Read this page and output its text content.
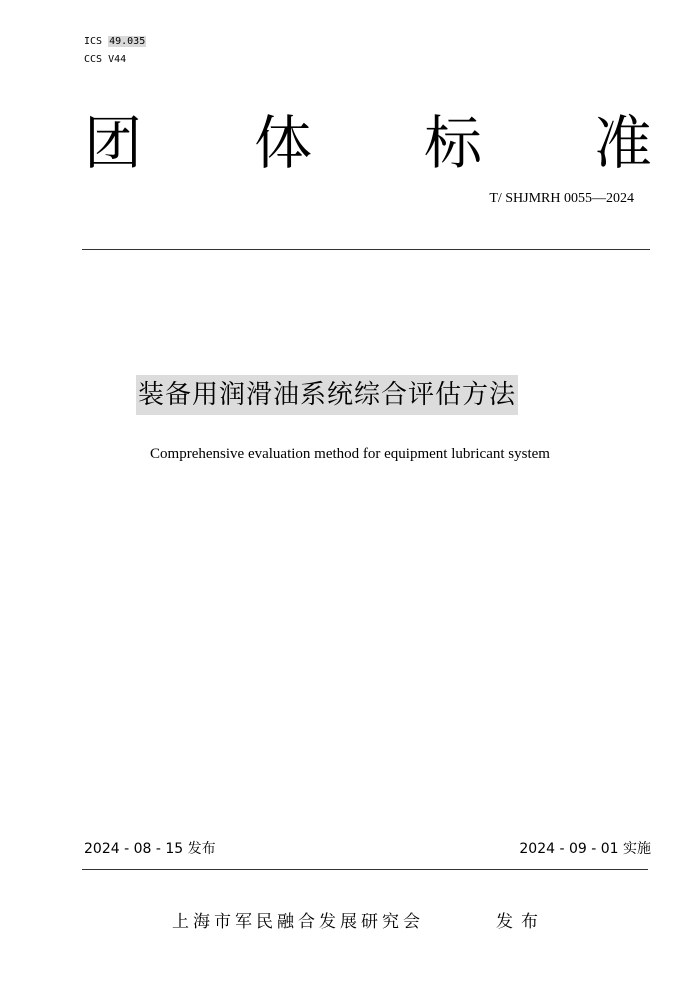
ICS 49.035
CCS V44
团 体 标 准
T/ SHJMRH 0055—2024
装备用润滑油系统综合评估方法
Comprehensive evaluation method for equipment lubricant system
2024 - 08 - 15 发布	2024 - 09 - 01 实施
上海市军民融合发展研究会	发布
